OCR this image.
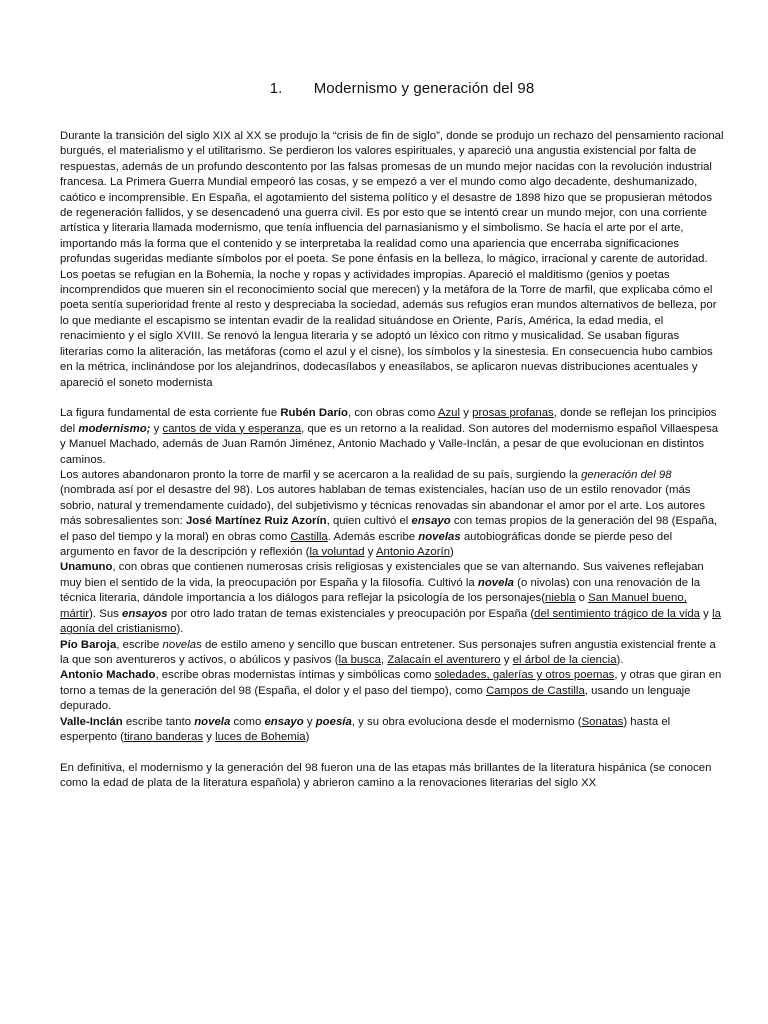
1. Modernismo y generación del 98

Durante la transición del siglo XIX al XX se produjo la “crisis de fin de siglo”, donde se produjo un rechazo del pensamiento racional burgués, el materialismo y el utilitarismo. Se perdieron los valores espirituales, y apareció una angustia existencial por falta de respuestas, además de un profundo descontento por las falsas promesas de un mundo mejor nacidas con la revolución industrial francesa. La Primera Guerra Mundial empeoró las cosas, y se empezó a ver el mundo como algo decadente, deshumanizado, caótico e incomprensible. En España, el agotamiento del sistema político y el desastre de 1898 hizo que se propusieran métodos de regeneración fallidos, y se desencadenó una guerra civil. Es por esto que se intentó crear un mundo mejor, con una corriente artística y literaria llamada modernismo, que tenía influencia del parnasianismo y el simbolismo. Se hacía el arte por el arte, importando más la forma que el contenido y se interpretaba la realidad como una apariencia que encerraba significaciones profundas sugeridas mediante símbolos por el poeta. Se pone énfasis en la belleza, lo mágico, irracional y carente de autoridad. Los poetas se refugian en la Bohemia, la noche y ropas y actividades impropias. Apareció el malditismo (genios y poetas incomprendidos que mueren sin el reconocimiento social que merecen) y la metáfora de la Torre de marfil, que explicaba cómo el poeta sentía superioridad frente al resto y despreciaba la sociedad, además sus refugios eran mundos alternativos de belleza, por lo que mediante el escapismo se intentan evadir de la realidad situándose en Oriente, París, América, la edad media, el renacimiento y el siglo XVIII. Se renovó la lengua literaria y se adoptó un léxico con ritmo y musicalidad. Se usaban figuras literarias como la aliteración, las metáforas (como el azul y el cisne), los símbolos y la sinestesia. En consecuencia hubo cambios en la métrica, inclinándose por los alejandrinos, dodecasílabos y eneasílabos, se aplicaron nuevas distribuciones acentuales y apareció el soneto modernista

La figura fundamental de esta corriente fue Rubén Darío, con obras como Azul y prosas profanas, donde se reflejan los principios del modernismo; y cantos de vida y esperanza, que es un retorno a la realidad. Son autores del modernismo español Villaespesa y Manuel Machado, además de Juan Ramón Jiménez, Antonio Machado y Valle-Inclán, a pesar de que evolucionan en distintos caminos.
Los autores abandonaron pronto la torre de marfil y se acercaron a la realidad de su país, surgiendo la generación del 98 (nombrada así por el desastre del 98). Los autores hablaban de temas existenciales, hacían uso de un estilo renovador (más sobrio, natural y tremendamente cuidado), del subjetivismo y técnicas renovadas sin abandonar el amor por el arte. Los autores más sobresalientes son: José Martínez Ruiz Azorín, quien cultivó el ensayo con temas propios de la generación del 98 (España, el paso del tiempo y la moral) en obras como Castilla. Además escribe novelas autobiográficas donde se pierde peso del argumento en favor de la descripción y reflexión (la voluntad y Antonio Azorín)
Unamuno, con obras que contienen numerosas crisis religiosas y existenciales que se van alternando. Sus vaivenes reflejaban muy bien el sentido de la vida, la preocupación por España y la filosofía. Cultivó la novela (o nivolas) con una renovación de la técnica literaria, dándole importancia a los diálogos para reflejar la psicología de los personajes(niebla o San Manuel bueno, mártir). Sus ensayos por otro lado tratan de temas existenciales y preocupación por España (del sentimiento trágico de la vida y la agonía del cristianismo).
Pío Baroja, escribe novelas de estilo ameno y sencillo que buscan entretener. Sus personajes sufren angustia existencial frente a la que son aventureros y activos, o abúlicos y pasivos (la busca, Zalacaín el aventurero y el árbol de la ciencia).
Antonio Machado, escribe obras modernistas íntimas y simbólicas como soledades, galerías y otros poemas, y otras que giran en torno a temas de la generación del 98 (España, el dolor y el paso del tiempo), como Campos de Castilla, usando un lenguaje depurado.
Valle-Inclán escribe tanto novela como ensayo y poesía, y su obra evoluciona desde el modernismo (Sonatas) hasta el esperpento (tirano banderas y luces de Bohemia)

En definitiva, el modernismo y la generación del 98 fueron una de las etapas más brillantes de la literatura hispánica (se conocen como la edad de plata de la literatura española) y abrieron camino a la renovaciones literarias del siglo XX
